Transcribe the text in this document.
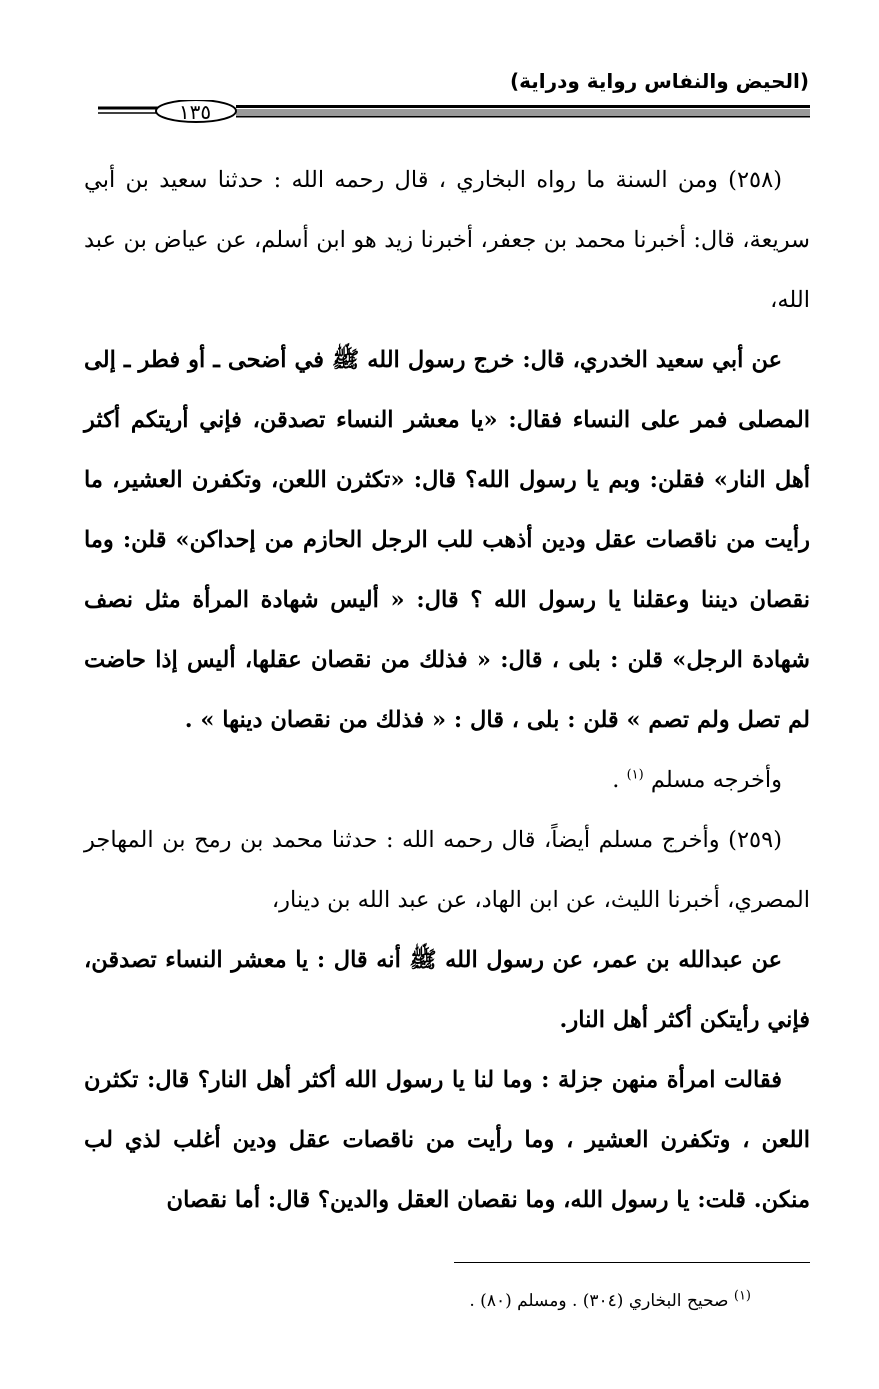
(الحيض والنفاس رواية ودراية)
١٣٥

(٢٥٨) ومن السنة ما رواه البخاري ، قال رحمه الله : حدثنا سعيد بن أبي سريعة، قال: أخبرنا محمد بن جعفر، أخبرنا زيد هو ابن أسلم، عن عياض بن عبد الله،

عن أبي سعيد الخدري، قال: خرج رسول الله ﷺ في أضحى ـ أو فطر ـ إلى المصلى فمر على النساء فقال: «يا معشر النساء تصدقن، فإني أريتكم أكثر أهل النار» فقلن: وبم يا رسول الله؟ قال: «تكثرن اللعن، وتكفرن العشير، ما رأيت من ناقصات عقل ودين أذهب للب الرجل الحازم من إحداكن» قلن: وما نقصان ديننا وعقلنا يا رسول الله ؟ قال: « أليس شهادة المرأة مثل نصف شهادة الرجل» قلن : بلى ، قال: « فذلك من نقصان عقلها، أليس إذا حاضت لم تصل ولم تصم » قلن : بلى ، قال : « فذلك من نقصان دينها » .

وأخرجه مسلم $^{(١)}$ .

(٢٥٩) وأخرج مسلم أيضاً، قال رحمه الله : حدثنا محمد بن رمح بن المهاجر المصري، أخبرنا الليث، عن ابن الهاد، عن عبد الله بن دينار،

عن عبدالله بن عمر، عن رسول الله ﷺ أنه قال : يا معشر النساء تصدقن، فإني رأيتكن أكثر أهل النار.

فقالت امرأة منهن جزلة : وما لنا يا رسول الله أكثر أهل النار؟ قال: تكثرن اللعن ، وتكفرن العشير ، وما رأيت من ناقصات عقل ودين أغلب لذي لب منكن. قلت: يا رسول الله، وما نقصان العقل والدين؟ قال: أما نقصان

$^{(١)}$ صحيح البخاري (٣٠٤) . ومسلم (٨٠) .
